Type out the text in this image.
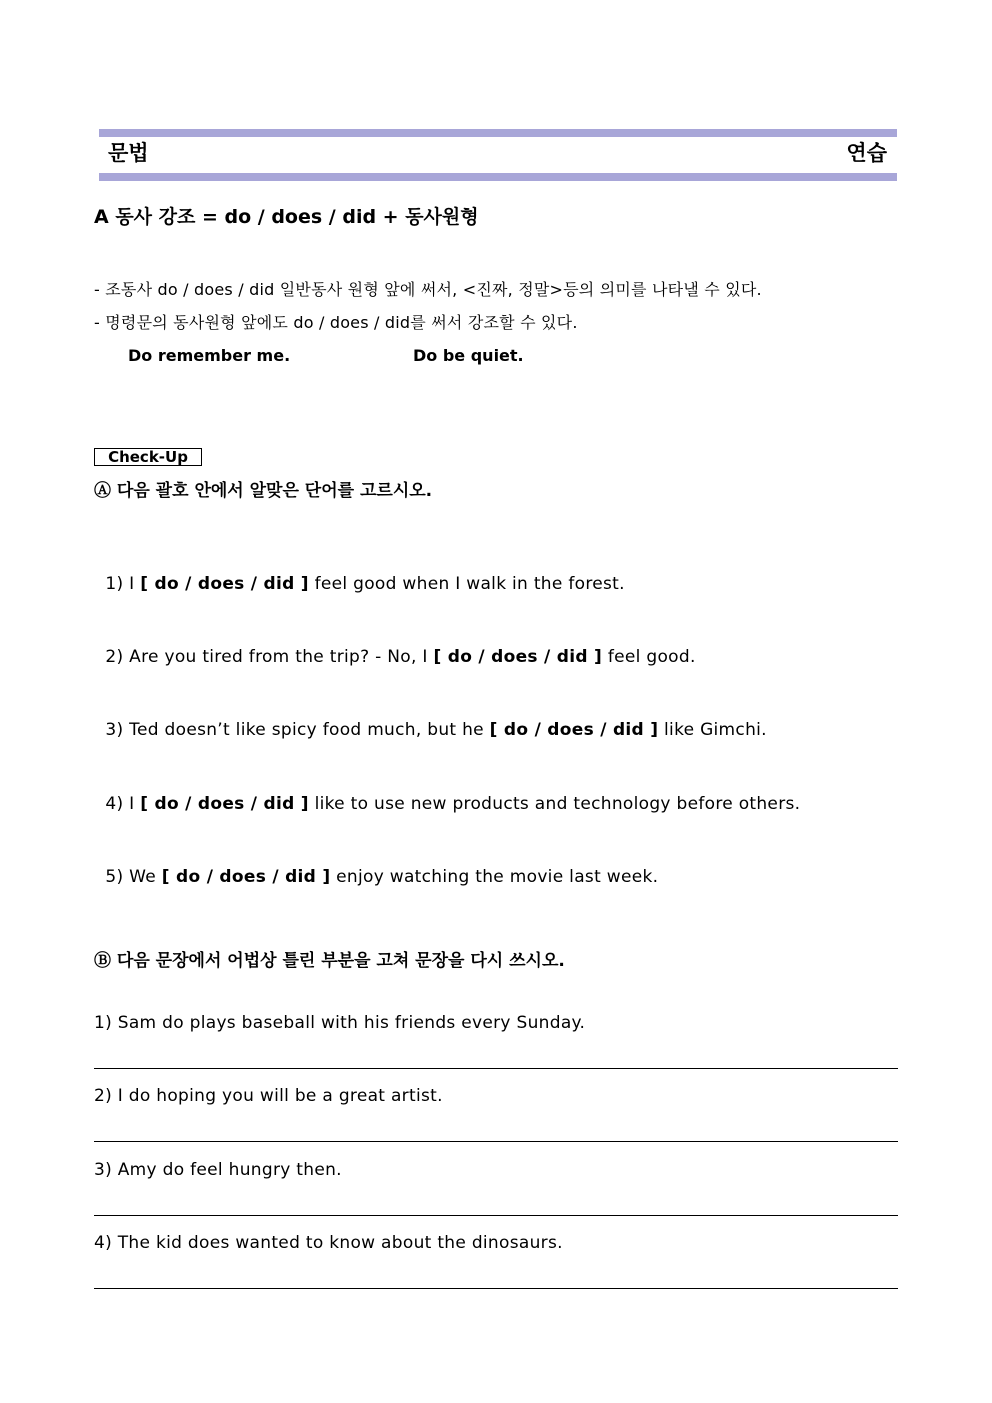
문법	연습
A 동사 강조 = do / does / did + 동사원형
- 조동사 do / does / did 일반동사 원형 앞에 써서, <진짜, 정말>등의 의미를 나타낼 수 있다.
- 명령문의 동사원형 앞에도 do / does / did를 써서 강조할 수 있다.
Do remember me.	Do be quiet.
Check-Up
Ⓐ 다음 괄호 안에서 알맞은 단어를 고르시오.

1) I [ do / does / did ] feel good when I walk in the forest.

2) Are you tired from the trip? - No, I [ do / does / did ] feel good.

3) Ted doesn’t like spicy food much, but he [ do / does / did ] like Gimchi.

4) I [ do / does / did ] like to use new products and technology before others.

5) We [ do / does / did ] enjoy watching the movie last week.

Ⓑ 다음 문장에서 어법상 틀린 부분을 고쳐 문장을 다시 쓰시오.
1) Sam do plays baseball with his friends every Sunday.
2) I do hoping you will be a great artist.
3) Amy do feel hungry then.
4) The kid does wanted to know about the dinosaurs.
